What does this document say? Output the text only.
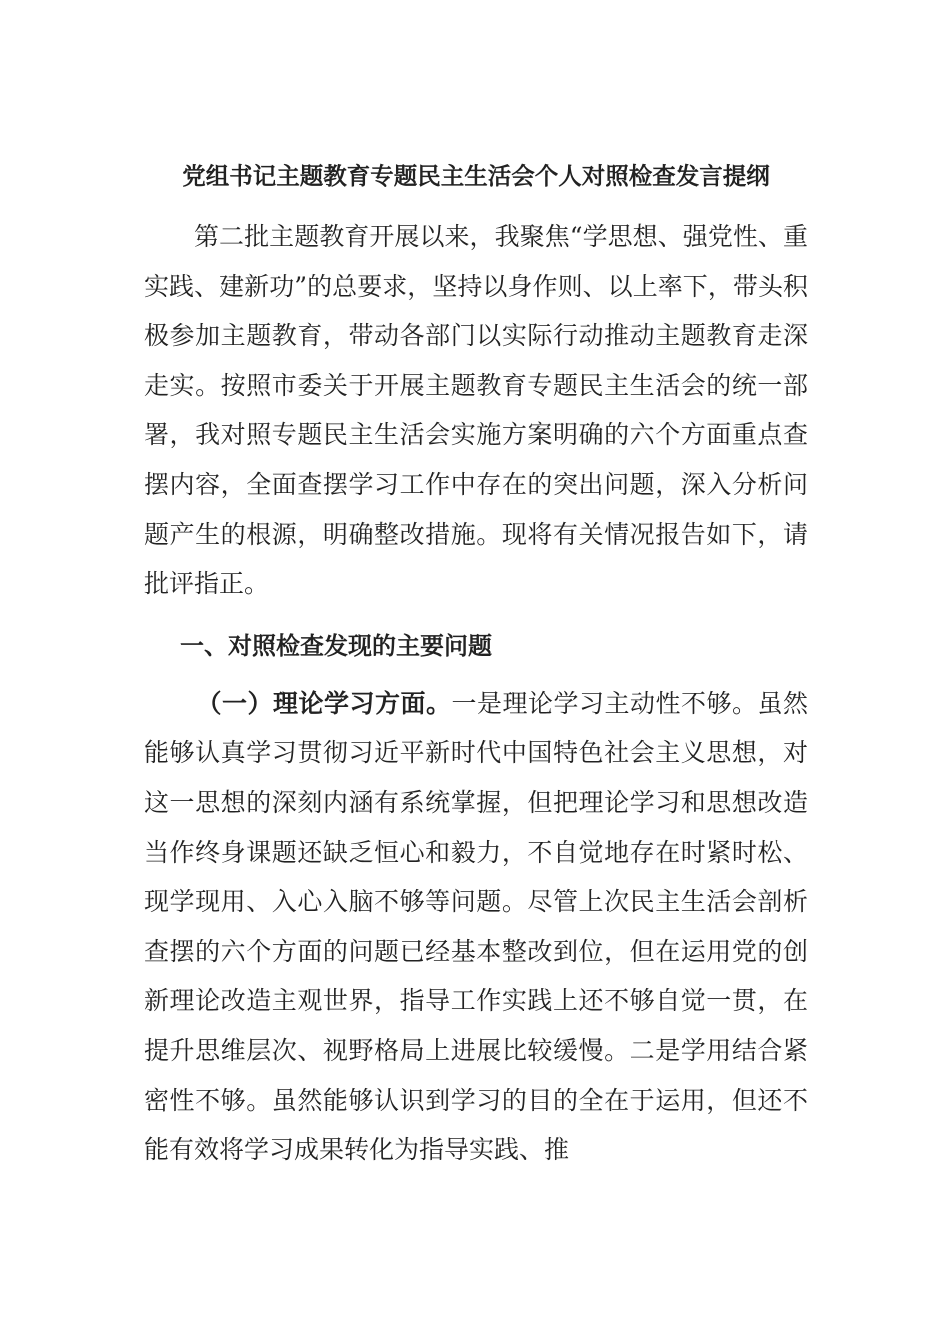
党组书记主题教育专题民主生活会个人对照检查发言提纲

第二批主题教育开展以来，我聚焦“学思想、强党性、重实践、建新功”的总要求，坚持以身作则、以上率下，带头积极参加主题教育，带动各部门以实际行动推动主题教育走深走实。按照市委关于开展主题教育专题民主生活会的统一部署，我对照专题民主生活会实施方案明确的六个方面重点查摆内容，全面查摆学习工作中存在的突出问题，深入分析问题产生的根源，明确整改措施。现将有关情况报告如下，请批评指正。

一、对照检查发现的主要问题

（一）理论学习方面。一是理论学习主动性不够。虽然能够认真学习贯彻习近平新时代中国特色社会主义思想，对这一思想的深刻内涵有系统掌握，但把理论学习和思想改造当作终身课题还缺乏恒心和毅力，不自觉地存在时紧时松、现学现用、入心入脑不够等问题。尽管上次民主生活会剖析查摆的六个方面的问题已经基本整改到位，但在运用党的创新理论改造主观世界，指导工作实践上还不够自觉一贯，在提升思维层次、视野格局上进展比较缓慢。二是学用结合紧密性不够。虽然能够认识到学习的目的全在于运用，但还不能有效将学习成果转化为指导实践、推
